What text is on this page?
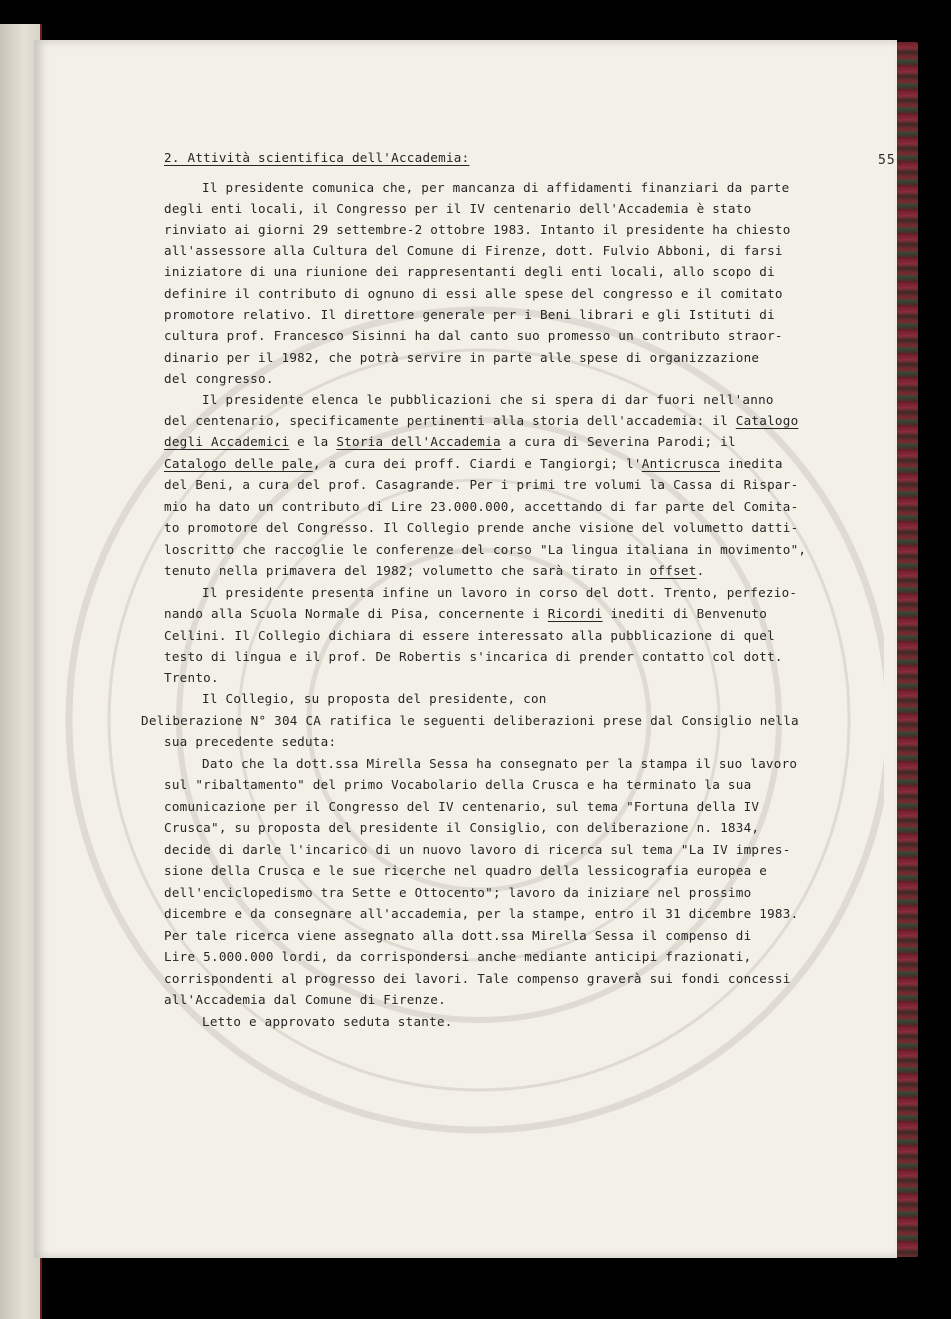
55.
2. Attività scientifica dell'Accademia:
Il presidente comunica che, per mancanza di affidamenti finanziari da parte
degli enti locali, il Congresso per il IV centenario dell'Accademia è stato
rinviato ai giorni 29 settembre-2 ottobre 1983. Intanto il presidente ha chiesto
all'assessore alla Cultura del Comune di Firenze, dott. Fulvio Abboni, di farsi
iniziatore di una riunione dei rappresentanti degli enti locali, allo scopo di
definire il contributo di ognuno di essi alle spese del congresso e il comitato
promotore relativo. Il direttore generale per i Beni librari e gli Istituti di
cultura prof. Francesco Sisinni ha dal canto suo promesso un contributo straor-
dinario per il 1982, che potrà servire in parte alle spese di organizzazione
del congresso.
Il presidente elenca le pubblicazioni che si spera di dar fuori nell'anno
del centenario, specificamente pertinenti alla storia dell'accademia: il Catalogo
degli Accademici e la Storia dell'Accademia a cura di Severina Parodi; il
Catalogo delle pale, a cura dei proff. Ciardi e Tangiorgi; l'Anticrusca inedita
del Beni, a cura del prof. Casagrande. Per i primi tre volumi la Cassa di Rispar-
mio ha dato un contributo di Lire 23.000.000, accettando di far parte del Comita-
to promotore del Congresso. Il Collegio prende anche visione del volumetto datti-
loscritto che raccoglie le conferenze del corso "La lingua italiana in movimento",
tenuto nella primavera del 1982; volumetto che sarà tirato in offset.
Il presidente presenta infine un lavoro in corso del dott. Trento, perfezio-
nando alla Scuola Normale di Pisa, concernente i Ricordi inediti di Benvenuto
Cellini. Il Collegio dichiara di essere interessato alla pubblicazione di quel
testo di lingua e il prof. De Robertis s'incarica di prender contatto col dott.
Trento.
Il Collegio, su proposta del presidente, con
Deliberazione N° 304 CA ratifica le seguenti deliberazioni prese dal Consiglio nella
sua precedente seduta:
Dato che la dott.ssa Mirella Sessa ha consegnato per la stampa il suo lavoro
sul "ribaltamento" del primo Vocabolario della Crusca e ha terminato la sua
comunicazione per il Congresso del IV centenario, sul tema "Fortuna della IV
Crusca", su proposta del presidente il Consiglio, con deliberazione n. 1834,
decide di darle l'incarico di un nuovo lavoro di ricerca sul tema "La IV impres-
sione della Crusca e le sue ricerche nel quadro della lessicografia europea e
dell'enciclopedismo tra Sette e Ottocento"; lavoro da iniziare nel prossimo
dicembre e da consegnare all'accademia, per la stampe, entro il 31 dicembre 1983.
Per tale ricerca viene assegnato alla dott.ssa Mirella Sessa il compenso di
Lire 5.000.000 lordi, da corrispondersi anche mediante anticipi frazionati,
corrispondenti al progresso dei lavori. Tale compenso graverà sui fondi concessi
all'Accademia dal Comune di Firenze.
Letto e approvato seduta stante.
